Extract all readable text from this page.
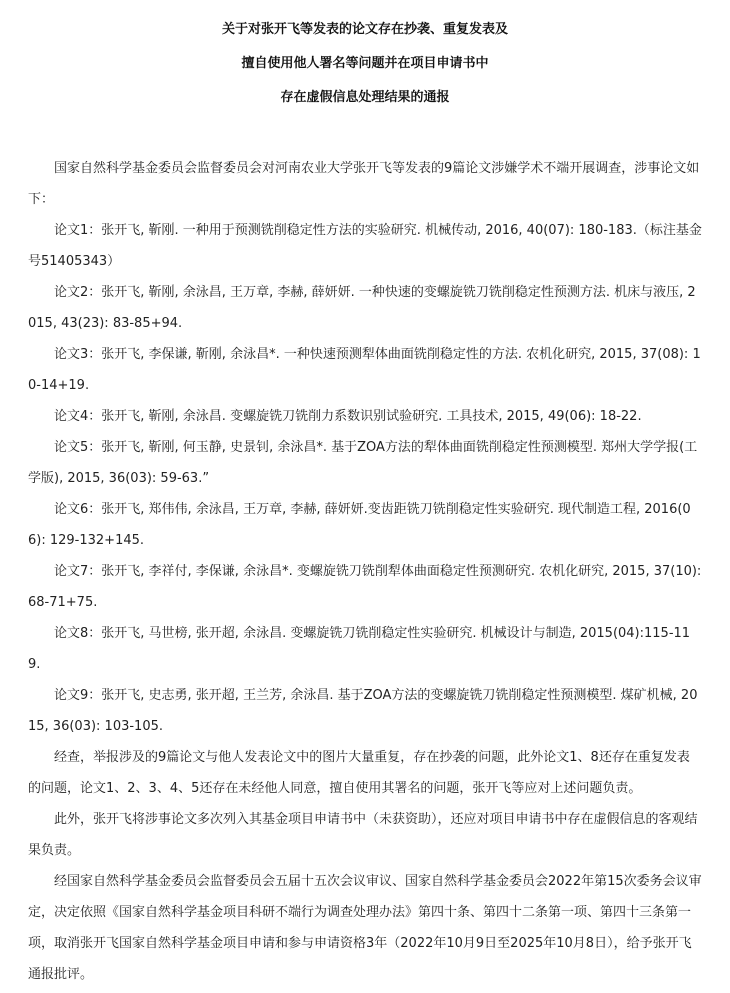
关于对张开飞等发表的论文存在抄袭、重复发表及
擅自使用他人署名等问题并在项目申请书中
存在虚假信息处理结果的通报

国家自然科学基金委员会监督委员会对河南农业大学张开飞等发表的9篇论文涉嫌学术不端开展调查，涉事论文如下：

论文1：张开飞, 靳刚. 一种用于预测铣削稳定性方法的实验研究. 机械传动, 2016, 40(07): 180-183.（标注基金号51405343）

论文2：张开飞, 靳刚, 余泳昌, 王万章, 李赫, 薛妍妍. 一种快速的变螺旋铣刀铣削稳定性预测方法. 机床与液压, 2015, 43(23): 83-85+94.

论文3：张开飞, 李保谦, 靳刚, 余泳昌*. 一种快速预测犁体曲面铣削稳定性的方法. 农机化研究, 2015, 37(08): 10-14+19.

论文4：张开飞, 靳刚, 余泳昌. 变螺旋铣刀铣削力系数识别试验研究. 工具技术, 2015, 49(06): 18-22.

论文5：张开飞, 靳刚, 何玉静, 史景钊, 余泳昌*. 基于ZOA方法的犁体曲面铣削稳定性预测模型. 郑州大学学报(工学版), 2015, 36(03): 59-63.”

论文6：张开飞, 郑伟伟, 余泳昌, 王万章, 李赫, 薛妍妍.变齿距铣刀铣削稳定性实验研究. 现代制造工程, 2016(06): 129-132+145.

论文7：张开飞, 李祥付, 李保谦, 余泳昌*. 变螺旋铣刀铣削犁体曲面稳定性预测研究. 农机化研究, 2015, 37(10): 68-71+75.

论文8：张开飞, 马世榜, 张开超, 余泳昌. 变螺旋铣刀铣削稳定性实验研究. 机械设计与制造, 2015(04):115-119.

论文9：张开飞, 史志勇, 张开超, 王兰芳, 余泳昌. 基于ZOA方法的变螺旋铣刀铣削稳定性预测模型. 煤矿机械, 2015, 36(03): 103-105.

经查，举报涉及的9篇论文与他人发表论文中的图片大量重复，存在抄袭的问题，此外论文1、8还存在重复发表的问题，论文1、2、3、4、5还存在未经他人同意，擅自使用其署名的问题，张开飞等应对上述问题负责。

此外，张开飞将涉事论文多次列入其基金项目申请书中（未获资助），还应对项目申请书中存在虚假信息的客观结果负责。

经国家自然科学基金委员会监督委员会五届十五次会议审议、国家自然科学基金委员会2022年第15次委务会议审定，决定依照《国家自然科学基金项目科研不端行为调查处理办法》第四十条、第四十二条第一项、第四十三条第一项，取消张开飞国家自然科学基金项目申请和参与申请资格3年（2022年10月9日至2025年10月8日），给予张开飞通报批评。
